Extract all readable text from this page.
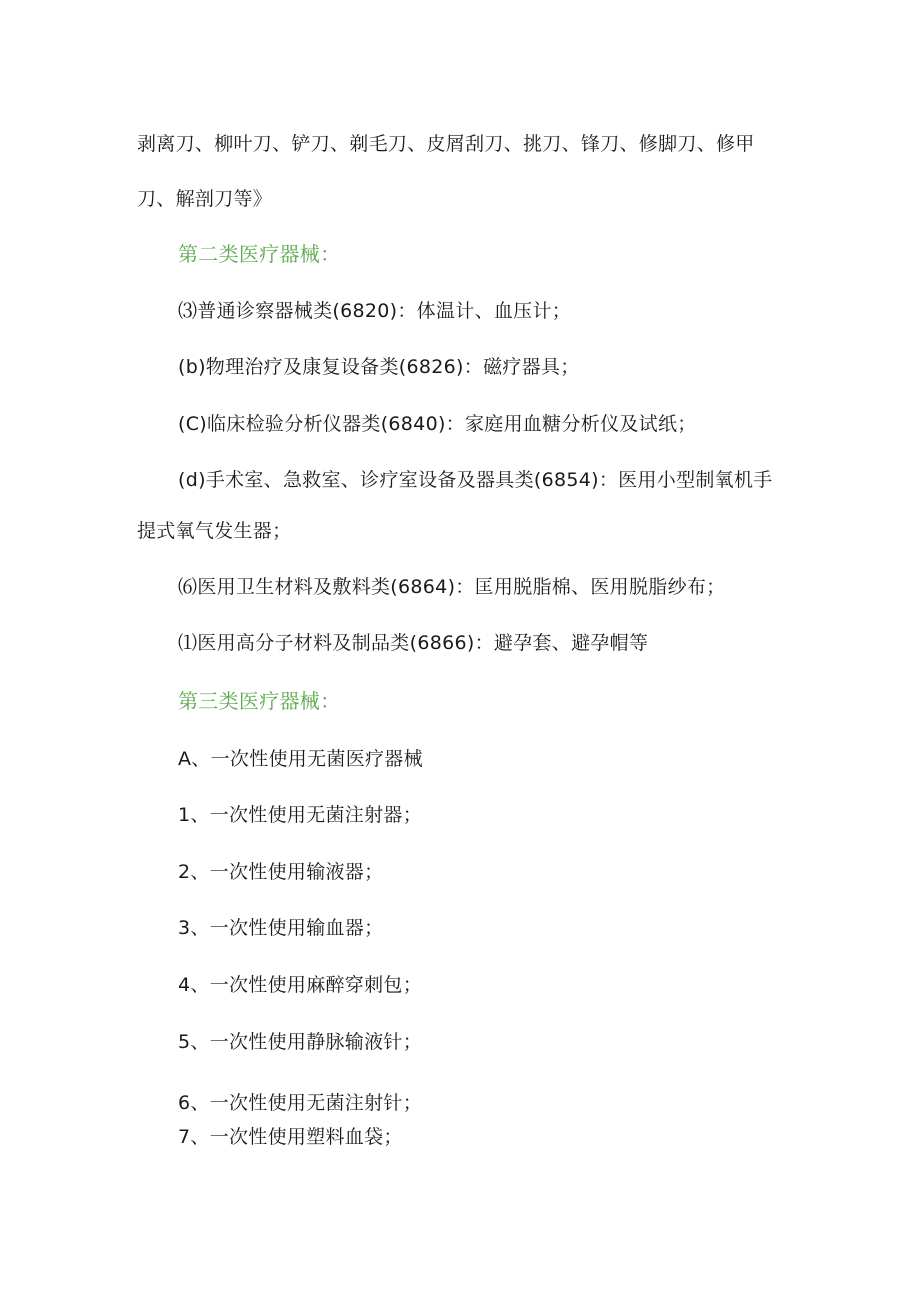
剥离刀、柳叶刀、铲刀、剃毛刀、皮屑刮刀、挑刀、锋刀、修脚刀、修甲
刀、解剖刀等》
第二类医疗器械：
⑶普通诊察器械类(6820)：体温计、血压计；
(b)物理治疗及康复设备类(6826)：磁疗器具；
(C)临床检验分析仪器类(6840)：家庭用血糖分析仪及试纸；
(d)手术室、急救室、诊疗室设备及器具类(6854)：医用小型制氧机手
提式氧气发生器；
⑹医用卫生材料及敷料类(6864)：匡用脱脂棉、医用脱脂纱布；
⑴医用高分子材料及制品类(6866)：避孕套、避孕帽等
第三类医疗器械：
A、一次性使用无菌医疗器械
1、一次性使用无菌注射器；
2、一次性使用输液器；
3、一次性使用输血器；
4、一次性使用麻醉穿刺包；
5、一次性使用静脉输液针；
6、一次性使用无菌注射针；
7、一次性使用塑料血袋；
